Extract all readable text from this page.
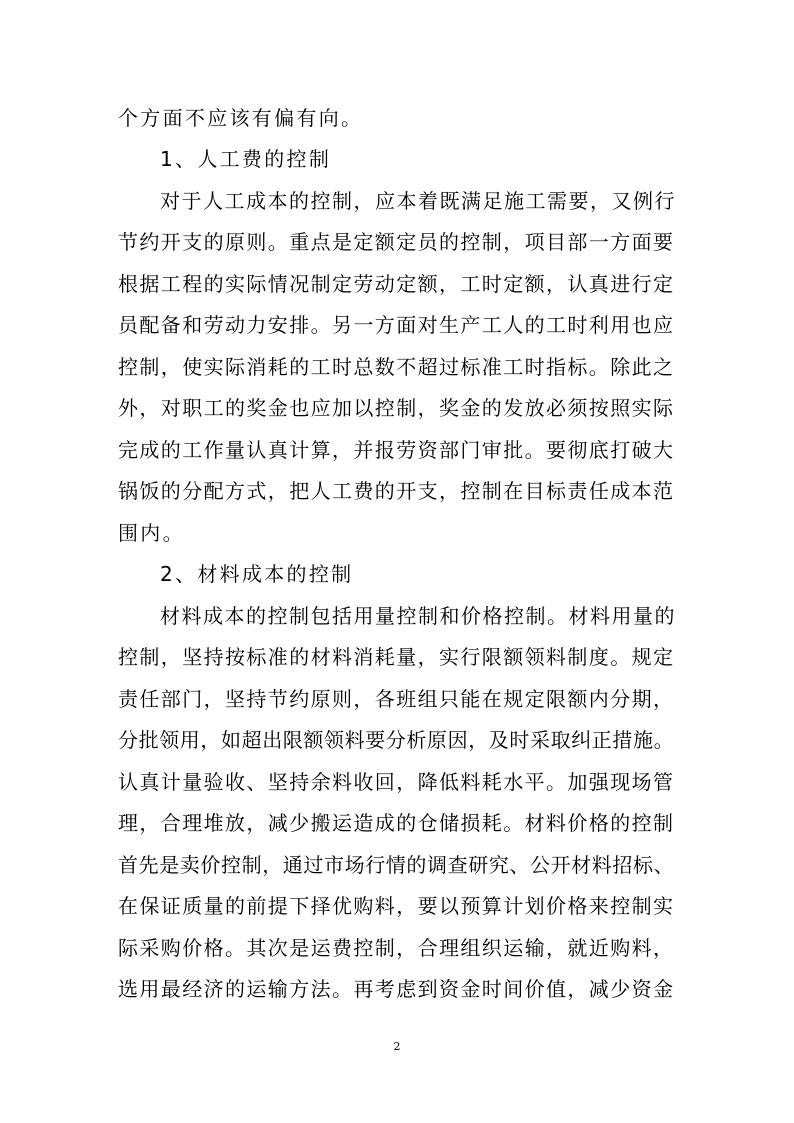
个方面不应该有偏有向。

1、人工费的控制

对于人工成本的控制，应本着既满足施工需要，又例行

节约开支的原则。重点是定额定员的控制，项目部一方面要

根据工程的实际情况制定劳动定额，工时定额，认真进行定

员配备和劳动力安排。另一方面对生产工人的工时利用也应

控制，使实际消耗的工时总数不超过标准工时指标。除此之

外，对职工的奖金也应加以控制，奖金的发放必须按照实际

完成的工作量认真计算，并报劳资部门审批。要彻底打破大

锅饭的分配方式，把人工费的开支，控制在目标责任成本范

围内。

2、材料成本的控制

材料成本的控制包括用量控制和价格控制。材料用量的

控制，坚持按标准的材料消耗量，实行限额领料制度。规定

责任部门，坚持节约原则，各班组只能在规定限额内分期，

分批领用，如超出限额领料要分析原因，及时采取纠正措施。

认真计量验收、坚持余料收回，降低料耗水平。加强现场管

理，合理堆放，减少搬运造成的仓储损耗。材料价格的控制

首先是卖价控制，通过市场行情的调查研究、公开材料招标、

在保证质量的前提下择优购料，要以预算计划价格来控制实

际采购价格。其次是运费控制，合理组织运输，就近购料，

选用最经济的运输方法。再考虑到资金时间价值，减少资金

2
